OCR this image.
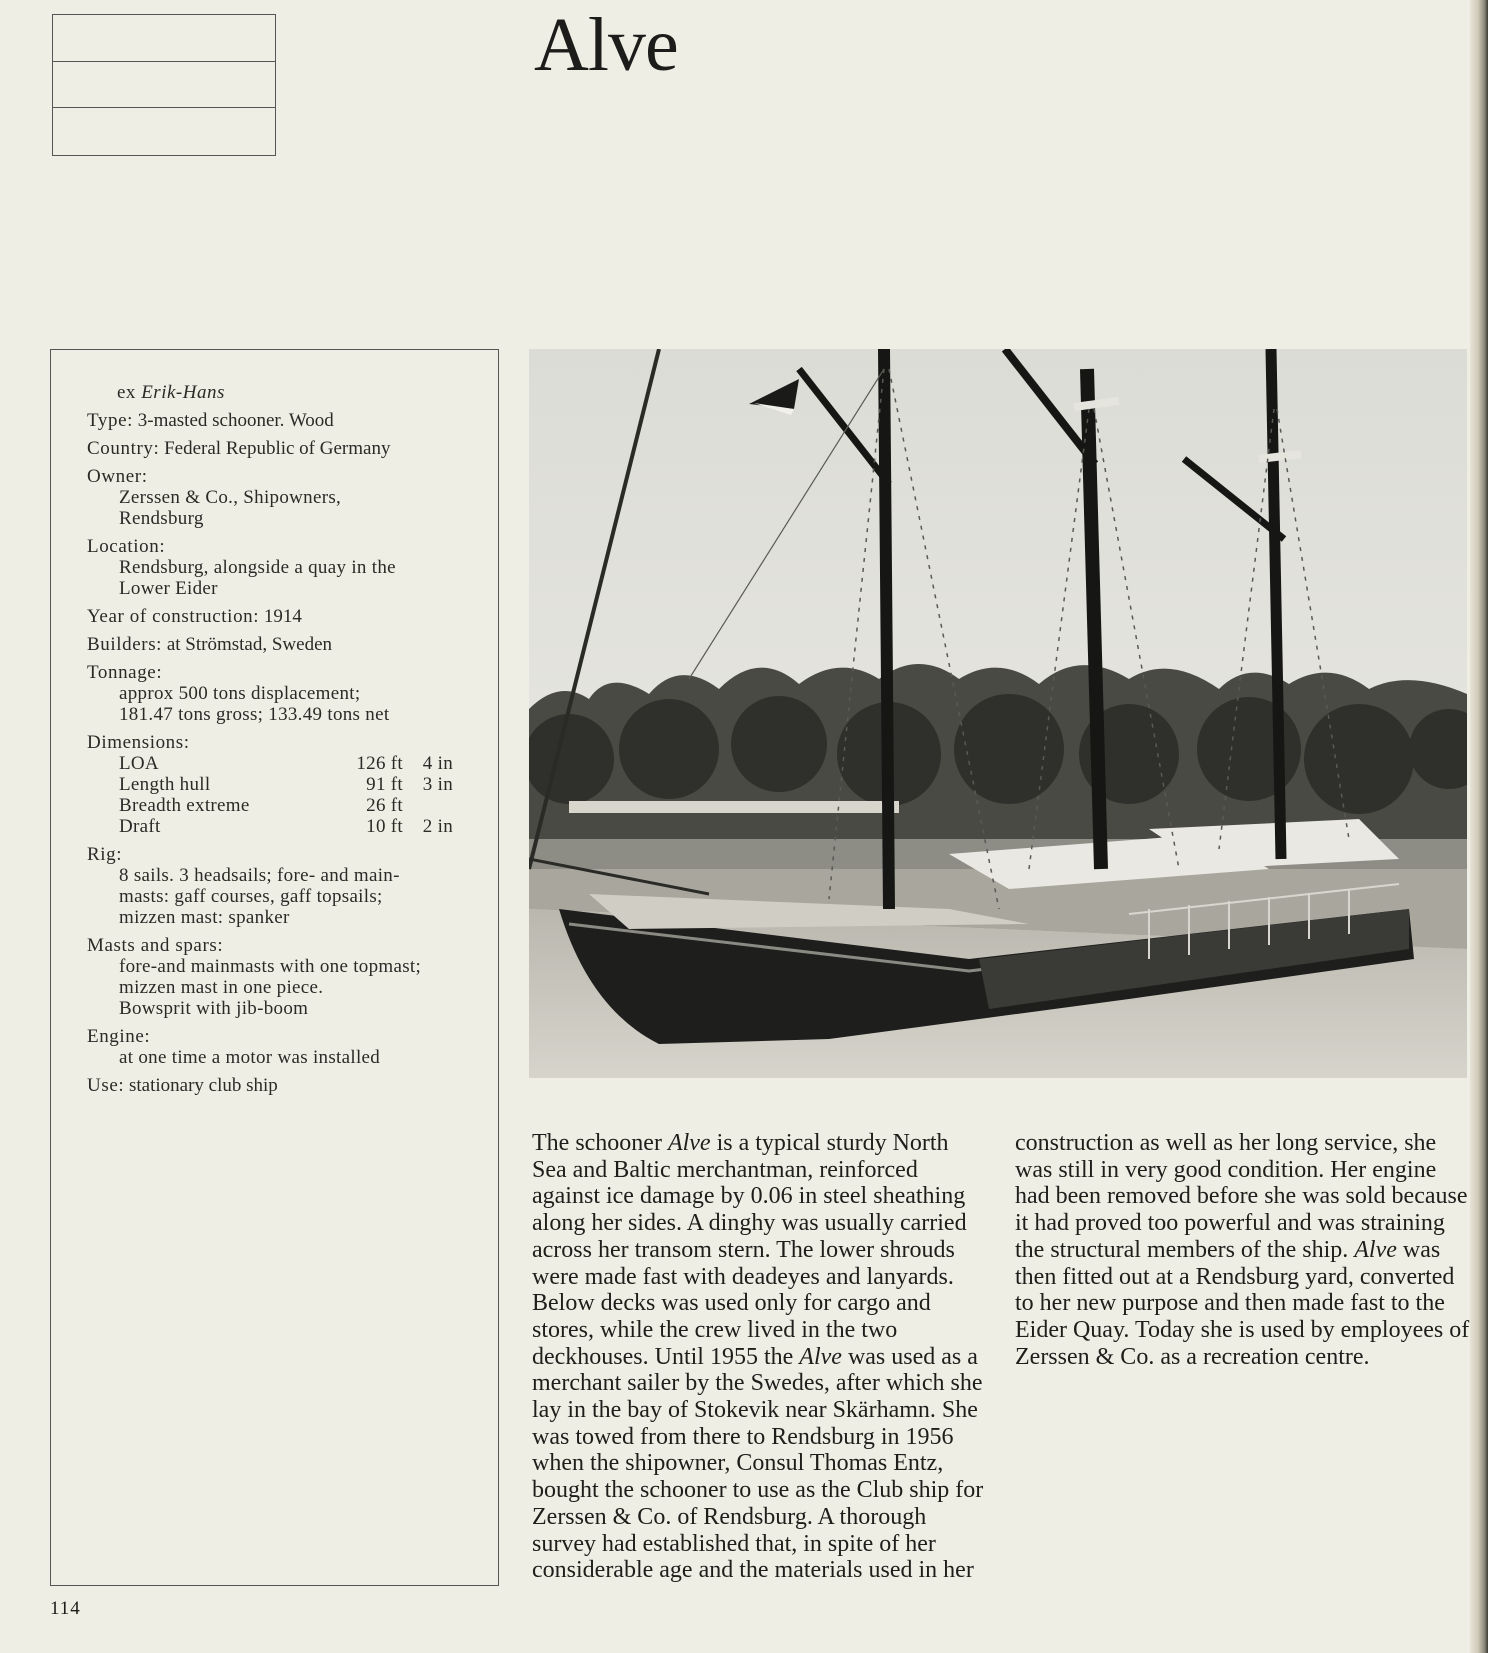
Alve
ex Erik-Hans
Type: 3-masted schooner. Wood
Country: Federal Republic of Germany
Owner:
Zerssen & Co., Shipowners,
Rendsburg
Location:
Rendsburg, alongside a quay in the
Lower Eider
Year of construction: 1914
Builders: at Strömstad, Sweden
Tonnage:
approx 500 tons displacement;
181.47 tons gross; 133.49 tons net
Dimensions:
LOA	126 ft	4 in
Length hull	91 ft	3 in
Breadth extreme	26 ft
Draft	10 ft	2 in
Rig:
8 sails. 3 headsails; fore- and main-
masts: gaff courses, gaff topsails;
mizzen mast: spanker
Masts and spars:
fore-and mainmasts with one topmast;
mizzen mast in one piece.
Bowsprit with jib-boom
Engine:
at one time a motor was installed
Use: stationary club ship

The schooner Alve is a typical sturdy North Sea and Baltic merchantman, reinforced against ice damage by 0.06 in steel sheathing along her sides. A dinghy was usually carried across her transom stern. The lower shrouds were made fast with deadeyes and lanyards. Below decks was used only for cargo and stores, while the crew lived in the two deckhouses. Until 1955 the Alve was used as a merchant sailer by the Swedes, after which she lay in the bay of Stokevik near Skärhamn. She was towed from there to Rendsburg in 1956 when the shipowner, Consul Thomas Entz, bought the schooner to use as the Club ship for Zerssen & Co. of Rendsburg. A thorough survey had established that, in spite of her considerable age and the materials used in her construction as well as her long service, she was still in very good condition. Her engine had been removed before she was sold because it had proved too powerful and was straining the structural members of the ship. Alve was then fitted out at a Rendsburg yard, converted to her new purpose and then made fast to the Eider Quay. Today she is used by employees of Zerssen & Co. as a recreation centre.

114
